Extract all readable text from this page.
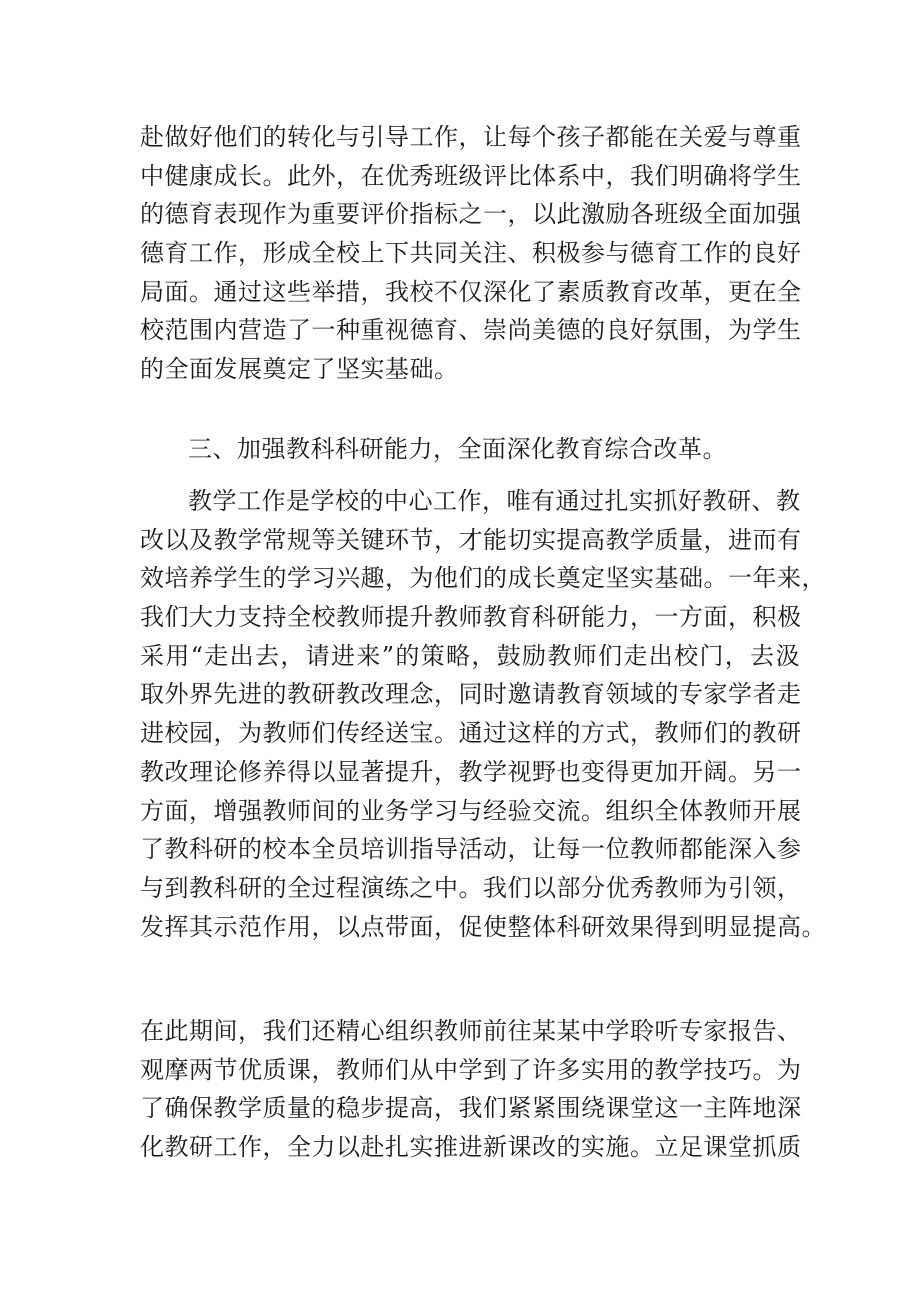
赴做好他们的转化与引导工作，让每个孩子都能在关爱与尊重
中健康成长。此外，在优秀班级评比体系中，我们明确将学生
的德育表现作为重要评价指标之一，以此激励各班级全面加强
德育工作，形成全校上下共同关注、积极参与德育工作的良好
局面。通过这些举措，我校不仅深化了素质教育改革，更在全
校范围内营造了一种重视德育、崇尚美德的良好氛围，为学生
的全面发展奠定了坚实基础。
三、加强教科科研能力，全面深化教育综合改革。
教学工作是学校的中心工作，唯有通过扎实抓好教研、教
改以及教学常规等关键环节，才能切实提高教学质量，进而有
效培养学生的学习兴趣，为他们的成长奠定坚实基础。一年来，
我们大力支持全校教师提升教师教育科研能力，一方面，积极
采用“走出去，请进来”的策略，鼓励教师们走出校门，去汲
取外界先进的教研教改理念，同时邀请教育领域的专家学者走
进校园，为教师们传经送宝。通过这样的方式，教师们的教研
教改理论修养得以显著提升，教学视野也变得更加开阔。另一
方面，增强教师间的业务学习与经验交流。组织全体教师开展
了教科研的校本全员培训指导活动，让每一位教师都能深入参
与到教科研的全过程演练之中。我们以部分优秀教师为引领，
发挥其示范作用，以点带面，促使整体科研效果得到明显提高。
在此期间，我们还精心组织教师前往某某中学聆听专家报告、
观摩两节优质课，教师们从中学到了许多实用的教学技巧。为
了确保教学质量的稳步提高，我们紧紧围绕课堂这一主阵地深
化教研工作，全力以赴扎实推进新课改的实施。立足课堂抓质
